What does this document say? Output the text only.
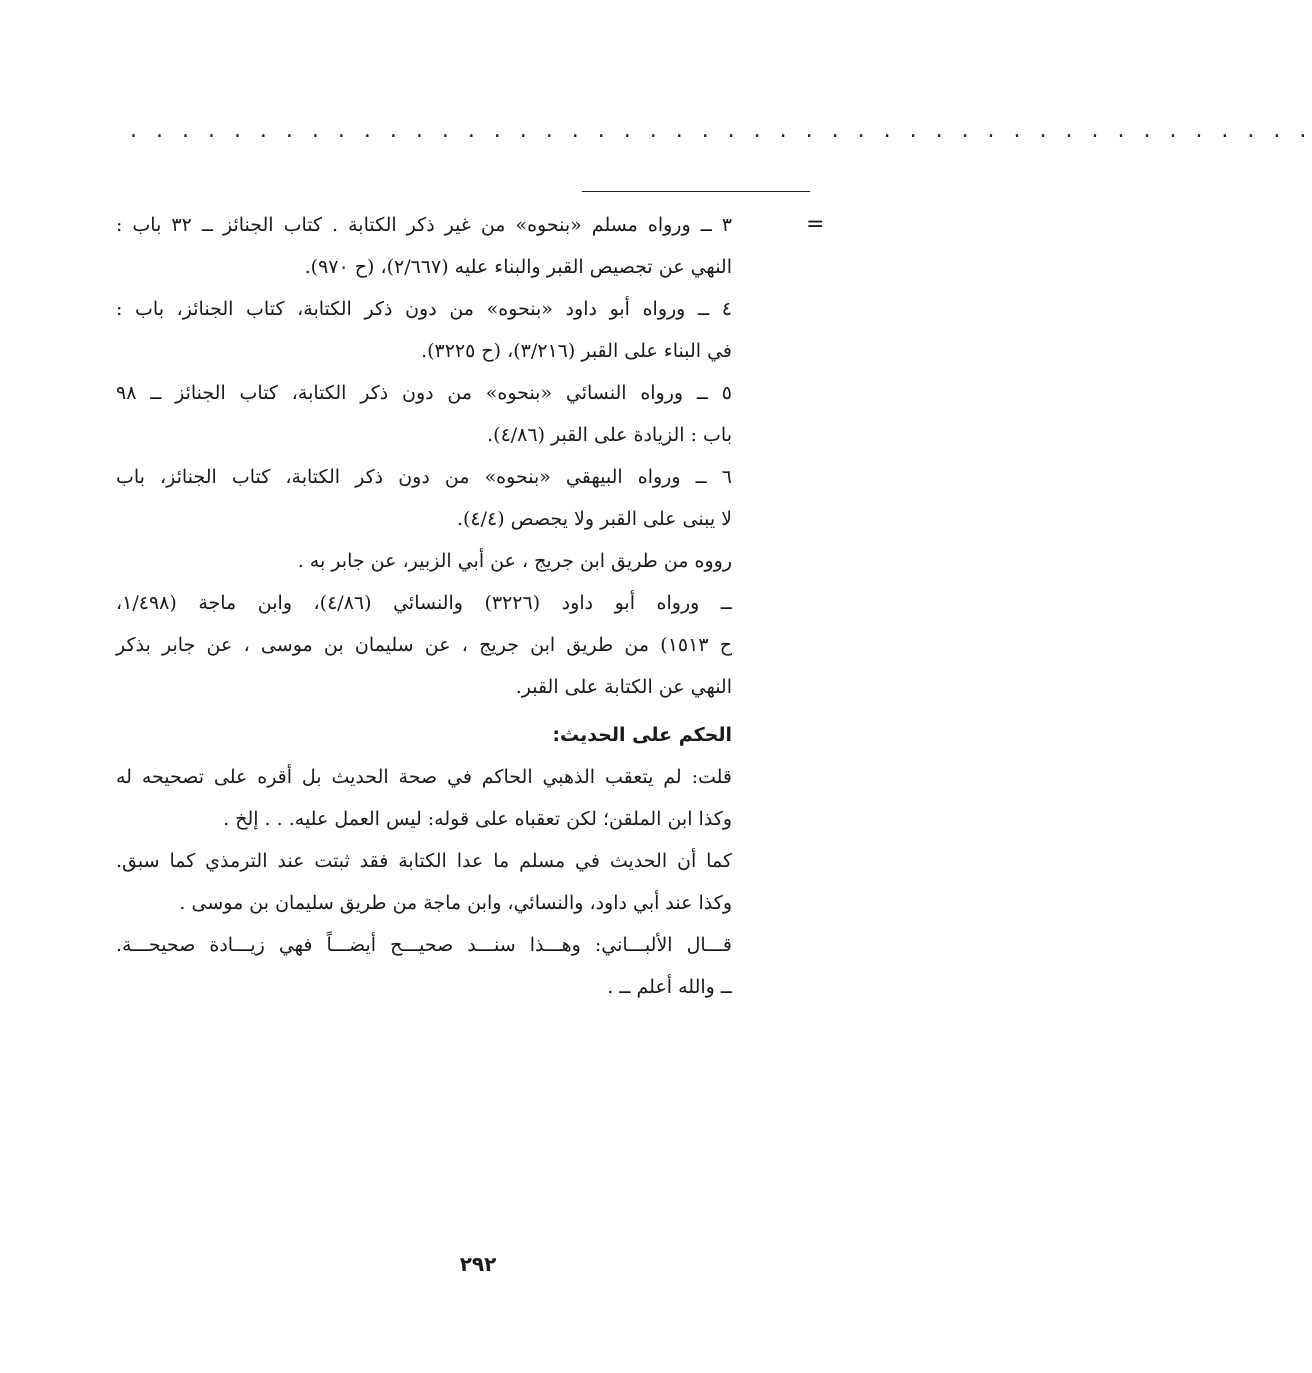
. . . . . . . . . . . . . . . . . . . . . . . . . . . . . . . . . . . . . . . . . . . . . .
=

٣ ــ ورواه مسلم «بنحوه» من غير ذكر الكتابة . كتاب الجنائز ــ ٣٢ باب :

النهي عن تجصيص القبر والبناء عليه (٢/٦٦٧)، (ح ٩٧٠).

٤ ــ ورواه أبو داود «بنحوه» من دون ذكر الكتابة، كتاب الجنائز، باب :

في البناء على القبر (٣/٢١٦)، (ح ٣٢٢٥).

٥ ــ ورواه النسائي «بنحوه» من دون ذكر الكتابة، كتاب الجنائز ــ ٩٨

باب : الزيادة على القبر (٤/٨٦).

٦ ــ ورواه البيهقي «بنحوه» من دون ذكر الكتابة، كتاب الجنائز، باب

لا يبنى على القبر ولا يجصص (٤/٤).

رووه من طريق ابن جريج ، عن أبي الزبير، عن جابر به .

ــ ورواه أبو داود (٣٢٢٦) والنسائي (٤/٨٦)، وابن ماجة (١/٤٩٨،

ح ١٥١٣) من طريق ابن جريج ، عن سليمان بن موسى ، عن جابر بذكر

النهي عن الكتابة على القبر.

الحكم على الحديث:

قلت: لم يتعقب الذهبي الحاكم في صحة الحديث بل أقره على تصحيحه له

وكذا ابن الملقن؛ لكن تعقباه على قوله: ليس العمل عليه. . . إلخ .

كما أن الحديث في مسلم ما عدا الكتابة فقد ثبتت عند الترمذي كما سبق.

وكذا عند أبي داود، والنسائي، وابن ماجة من طريق سليمان بن موسى .

قـــال الألبـــاني: وهـــذا سنـــد صحيـــح أيضـــاً فهي زيـــادة صحيحـــة.

ــ والله أعلم ــ .

٢٩٢
